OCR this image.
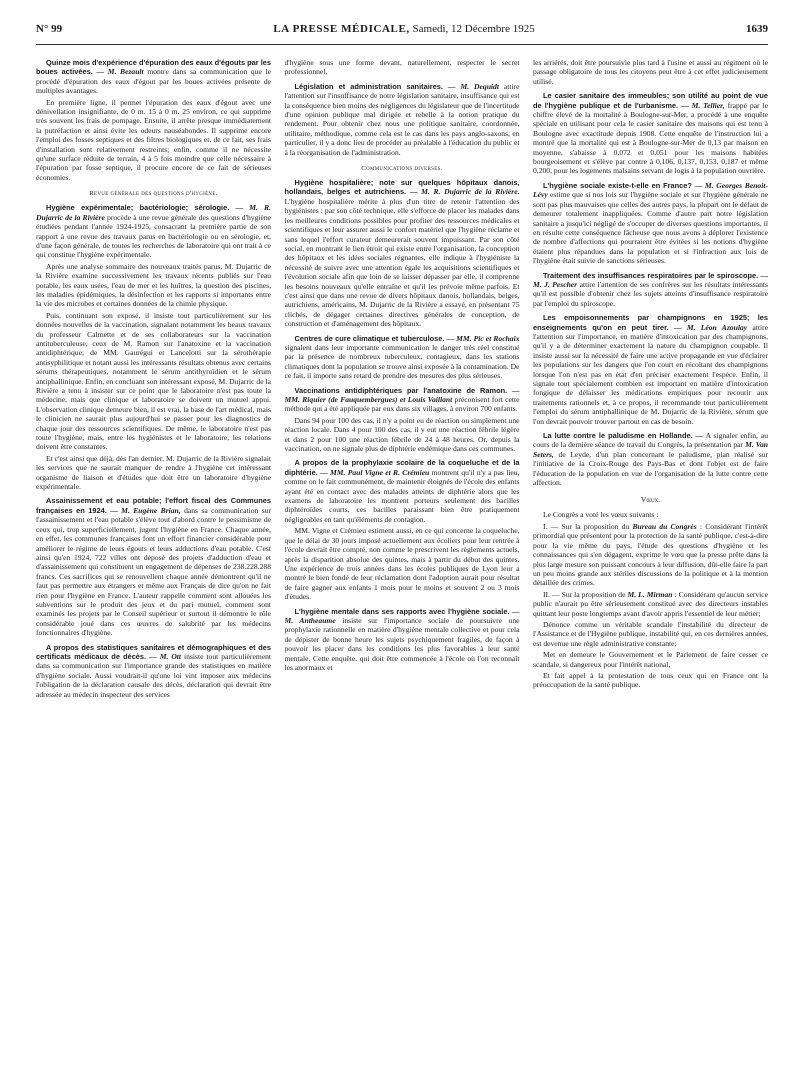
N° 99	LA PRESSE MÉDICALE, Samedi, 12 Décembre 1925	1639

Quinze mois d'expérience d'épuration des eaux d'égouts par les boues activées. — M. Bezault montre dans sa communication que le procédé d'épuration des eaux d'égout par les boues activées présente de multiples avantages.

En première ligne, il permet l'épuration des eaux d'égout avec une dénivellation insignifiante, de 0 m. 15 à 0 m. 25 environ, ce qui supprime très souvent les frais de pompage. Ensuite, il arrête presque immédiatement la putréfaction et ainsi évite les odeurs nauséabondes. Il supprime encore l'emploi des fosses septiques et des filtres biologiques et, de ce fait, ses frais d'installation sont relativement restreints; enfin, comme il ne nécessite qu'une surface réduite de terrain, 4 à 5 fois moindre que celle nécessaire à l'épuration par fosse septique, il procure encore de ce fait de sérieuses économies.

Revue générale des questions d'hygiène.

Hygiène expérimentale; bactériologie; sérologie. — M. R. Dujarric de la Rivière procède à une revue générale des questions d'hygiène étudiées pendant l'année 1924-1925, consacrant la première partie de son rapport à une revue des travaux parus en bactériologie ou en sérologie, et, d'une façon générale, de toutes les recherches de laboratoire qui ont trait à ce qui constitue l'hygiène expérimentale.

Après une analyse sommaire des nouveaux traités parus, M. Dujarric de la Rivière examine successivement les travaux récents publiés sur l'eau potable, les eaux usées, l'eau de mer et les huîtres, la question des piscines, les maladies épidémiques, la désinfection et les rapports si importants entre la vie des microbes et certaines données de la chimie physique.

Puis, continuant son exposé, il insiste tout particulièrement sur les données nouvelles de la vaccination, signalant notamment les beaux travaux du professeur Calmette et de ses collaborateurs sur la vaccination antituberculeuse, ceux de M. Ramon sur l'anatoxine et la vaccination antidiphtérique; de MM. Gaurégui et Lancelotti sur la sérothérapie antisyphilitique et notant aussi les intéressants résultats obtenus avec certains sérums thérapeutiques, notamment le sérum antithyroïdien et le sérum antiphallinique. Enfin, en concluant son intéressant exposé, M. Dujarric de la Rivière a tenu à insister sur ce point que le laboratoire n'est pas toute la médecine, mais que clinique et laboratoire se doivent un mutuel appui. L'observation clinique demeure bien, il est vrai, la base de l'art médical, mais le clinicien ne saurait plus aujourd'hui se passer pour les diagnostics de chaque jour des ressources scientifiques. De même, le laboratoire n'est pas toute l'hygiène, mais, entre les hygiénistes et le laboratoire, les relations doivent être constantes.

Et c'est ainsi que déjà, dès l'an dernier, M. Dujarric de la Rivière signalait les services que ne saurait manquer de rendre à l'hygiène cet intéressant organisme de liaison et d'études que doit être un laboratoire d'hygiène expérimentale.

Assainissement et eau potable; l'effort fiscal des Communes françaises en 1924. — M. Eugène Brian, dans sa communication sur l'assainissement et l'eau potable s'élève tout d'abord contre le pessimisme de ceux qui, trop superficiellement, jugent l'hygiène en France. Chaque année, en effet, les communes françaises font un effort financier considérable pour améliorer le régime de leurs égouts et leurs adductions d'eau potable. C'est ainsi qu'en 1924, 722 villes ont déposé des projets d'adduction d'eau et d'assainissement qui constituent un engagement de dépenses de 238.228.288 francs. Ces sacrifices qui se renouvellent chaque année démontrent qu'il ne faut pas permettre aux étrangers et même aux Français de dire qu'on ne fait rien pour l'hygiène en France. L'auteur rappelle comment sont allouées les subventions sur le produit des jeux et du pari mutuel, comment sont examinés les projets par le Conseil supérieur et surtout il démontre le rôle considérable joué dans ces œuvres de salubrité par les médecins fonctionnaires d'hygiène.

A propos des statistiques sanitaires et démographiques et des certificats médicaux de décès. — M. Ott insiste tout particulièrement dans sa communication sur l'importance grande des statistiques en matière d'hygiène sociale. Aussi voudrait-il qu'une loi vint imposer aux médecins l'obligation de la déclaration causale des décès, déclaration qui devrait être adressée au médecin inspecteur des services

d'hygiène sous une forme devant, naturellement, respecter le secret professionnel,

Législation et administration sanitaires. — M. Dequidt attire l'attention sur l'insuffisance de notre législation sanitaire, insuffisance qui est la conséquence bien moins des négligences du législateur que de l'incertitude d'une opinion publique mal dirigée et rebelle à la notion pratique du rendement. Pour obtenir chez nous une politique sanitaire, coordonnée, utilitaire, méthodique, comme cela est le cas dans les pays anglo-saxons, en particulier, il y a donc lieu de procéder au préalable à l'éducation du public et à la réorganisation de l'administration.

Communications diverses.

Hygiène hospitalière; note sur quelques hôpitaux danois, hollandais, belges et autrichiens. — M. R. Dujarric de la Rivière. L'hygiène hospitalière mérite à plus d'un titre de retenir l'attention des hygiénistes : par son côté technique, elle s'efforce de placer les malades dans les meilleures conditions possibles pour profiter des ressources médicales et scientifiques et leur assurer aussi le confort matériel que l'hygiène réclame et sans lequel l'effort curateur demeurerait souvent impuissant. Par son côté social, en montrant le lien étroit qui existe entre l'organisation, la conception des hôpitaux et les idées sociales régnantes, elle indique à l'hygiéniste la nécessité de suivre avec une attention égale les acquisitions scientifiques et l'évolution sociale afin que loin de se laisser dépasser par elle, il comprenne les besoins nouveaux qu'elle entraîne et qu'il les prévoie même parfois. Et c'est ainsi que dans une revue de divers hôpitaux danois, hollandais, belges, autrichiens, américains, M. Dujarric de la Rivière a essayé, en présentant 75 clichés, de dégager certaines directives générales de conception, de construction et d'aménagement des hôpitaux.

Centres de cure climatique et tuberculose. — MM. Pic et Rochaix signalent dans leur importante communication le danger très réel constitué par la présence de nombreux tuberculeux, contagieux, dans les stations climatiques dont la population se trouve ainsi exposée à la contamination. De ce fait, il importe sans retard de prendre des mesures des plus sérieuses.

Vaccinations antidiphtériques par l'anatoxine de Ramon. — MM. Riquier (de Fauquembergues) et Louis Vaillant préconisent fort cette méthode qui a été appliquée par eux dans six villages, à environ 700 enfants.

Dans 94 pour 100 des cas, il n'y a point eu de réaction ou simplement une réaction locale. Dans 4 pour 100 des cas, il y eut une réaction fébrile légère et dans 2 pour 100 une réaction fébrile de 24 à 48 heures. Or, depuis la vaccination, on ne signale plus de diphtérie endémique dans ces communes.

A propos de la prophylaxie scolaire de la coqueluche et de la diphtérie. — MM. Paul Vigne et R. Crémieu montrent qu'il n'y a pas lieu, comme on le fait communément, de maintenir éloignés de l'école des enfants ayant été en contact avec des malades atteints de diphtérie alors que les examens de laboratoire les montrent porteurs seulement des bacilles diphtéroïdes courts, ces bacilles paraissant bien être pratiquement négligeables en tant qu'éléments de contagion.

MM. Vigne et Crémieu estiment aussi, en ce qui concerne la coqueluche, que le délai de 30 jours imposé actuellement aux écoliers pour leur rentrée à l'école devrait être compté, non comme le prescrivent les règlements actuels, après la disparition absolue des quintes, mais à partir du début des quintes. Une expérience de trois années dans les écoles publiques de Lyon leur a montré le bien fondé de leur réclamation dont l'adoption aurait pour résultat de faire gagner aux enfants 1 mois pour le moins et souvent 2 ou 3 mois d'études.

L'hygiène mentale dans ses rapports avec l'hygiène sociale. — M. Antheaume insiste sur l'importance sociale de poursuivre une prophylaxie rationnelle en matière d'hygiène mentale collective et pour cela de dépister de bonne heure les sujets psychiquement fragiles, de façon à pouvoir les placer dans les conditions les plus favorables à leur santé mentale. Cette enquête, qui doit être commencée à l'école où l'on reconnaît les anormaux et

les arriérés, doit être poursuivie plus tard à l'usine et aussi au régiment où le passage obligatoire de tous les citoyens peut être à cet effet judicieusement utilisé.

Le casier sanitaire des immeubles; son utilité au point de vue de l'hygiène publique et de l'urbanisme. — M. Tellier, frappé par le chiffre élevé de la mortalité à Boulogne-sur-Mer, a procédé à une enquête spéciale en utilisant pour cela le casier sanitaire des maisons qui est tenu à Boulogne avec exactitude depuis 1908. Cette enquête de l'instruction lui a montré que la mortalité qui est à Boulogne-sur-Mer de 0,13 par maison en moyenne, s'abaisse à 0,072 et 0,051 pour les maisons habitées bourgeoisement et s'élève par contre à 0,106, 0,137, 0,153, 0,187 et même 0,200, pour les logements malsains servant de logis à la population ouvrière.

L'hygiène sociale existe-t-elle en France? — M. Georges Benoit-Lévy estime que si nos lois sur l'hygiène sociale et sur l'hygiène générale ne sont pas plus mauvaises que celles des autres pays, la plupart ont le défaut de demeurer totalement inappliquées. Comme d'autre part notre législation sanitaire a jusqu'ici négligé de s'occuper de diverses questions importantes, il en résulte cette conséquence fâcheuse que nous avons à déplorer l'existence de nombre d'affections qui pourraient être évitées si les notions d'hygiène étaient plus répandues dans la population et si l'infraction aux lois de l'hygiène était suivie de sanctions sérieuses.

Traitement des insuffisances respiratoires par le spiroscope. — M. J. Pescher attire l'attention de ses confrères sur les résultats intéressants qu'il est possible d'obtenir chez les sujets atteints d'insuffisance respiratoire par l'emploi du spiroscope.

Les empoisonnements par champignons en 1925; les enseignements qu'on en peut tirer. — M. Léon Azoulay attire l'attention sur l'importance, en matière d'intoxication par des champignons, qu'il y a de déterminer exactement la nature du champignon coupable. Il insiste aussi sur la nécessité de faire une active propagande en vue d'éclairer les populations sur les dangers que l'on court en récoltant des champignons lorsque l'on n'est pas en état d'en préciser exactement l'espèce. Enfin, il signale tout spécialement combien est important en matière d'intoxication fongique de délaisser les médications empiriques pour recourir aux traitements rationnels et, à ce propos, il recommande tout particulièrement l'emploi du sérum antiphallinique de M. Dujarric de la Rivière, sérum que l'on devrait pouvoir trouver partout en cas de besoin.

La lutte contre le paludisme en Hollande. — A signaler enfin, au cours de la dernière séance de travail du Congrès, la présentation par M. Van Seters, de Leyde, d'un plan concernant le paludisme, plan réalisé sur l'initiative de la Croix-Rouge des Pays-Bas et dont l'objet est de faire l'éducation de la population en vue de l'organisation de la lutte contre cette affection.

Vœux.

Le Congrès a voté les vœux suivants :

I. — Sur la proposition du Bureau du Congrès : Considérant l'intérêt primordial que présentent pour la protection de la santé publique, c'est-à-dire pour la vie même du pays, l'étude des questions d'hygiène et les connaissances qui s'en dégagent, exprime le vœu que la presse prête dans la plus large mesure son puissant concours à leur diffusion, dût-elle faire la part un peu moins grande aux stériles discussions de la politique et à la mention détaillée des crimes.

II. — Sur la proposition de M. L. Mirman : Considérant qu'aucun service public n'aurait pu être sérieusement constitué avec des directeurs instables quittant leur poste longtemps avant d'avoir appris l'essentiel de leur métier;

Dénonce comme un véritable scandale l'instabilité du directeur de l'Assistance et de l'Hygiène publique, instabilité qui, en ces dernières années, est devenue une règle administrative constante;

Met en demeure le Gouvernement et le Parlement de faire cesser ce scandale, si dangereux pour l'intérêt national,

Et fait appel à la protestation de tous ceux qui en France ont la préoccupation de la santé publique.
